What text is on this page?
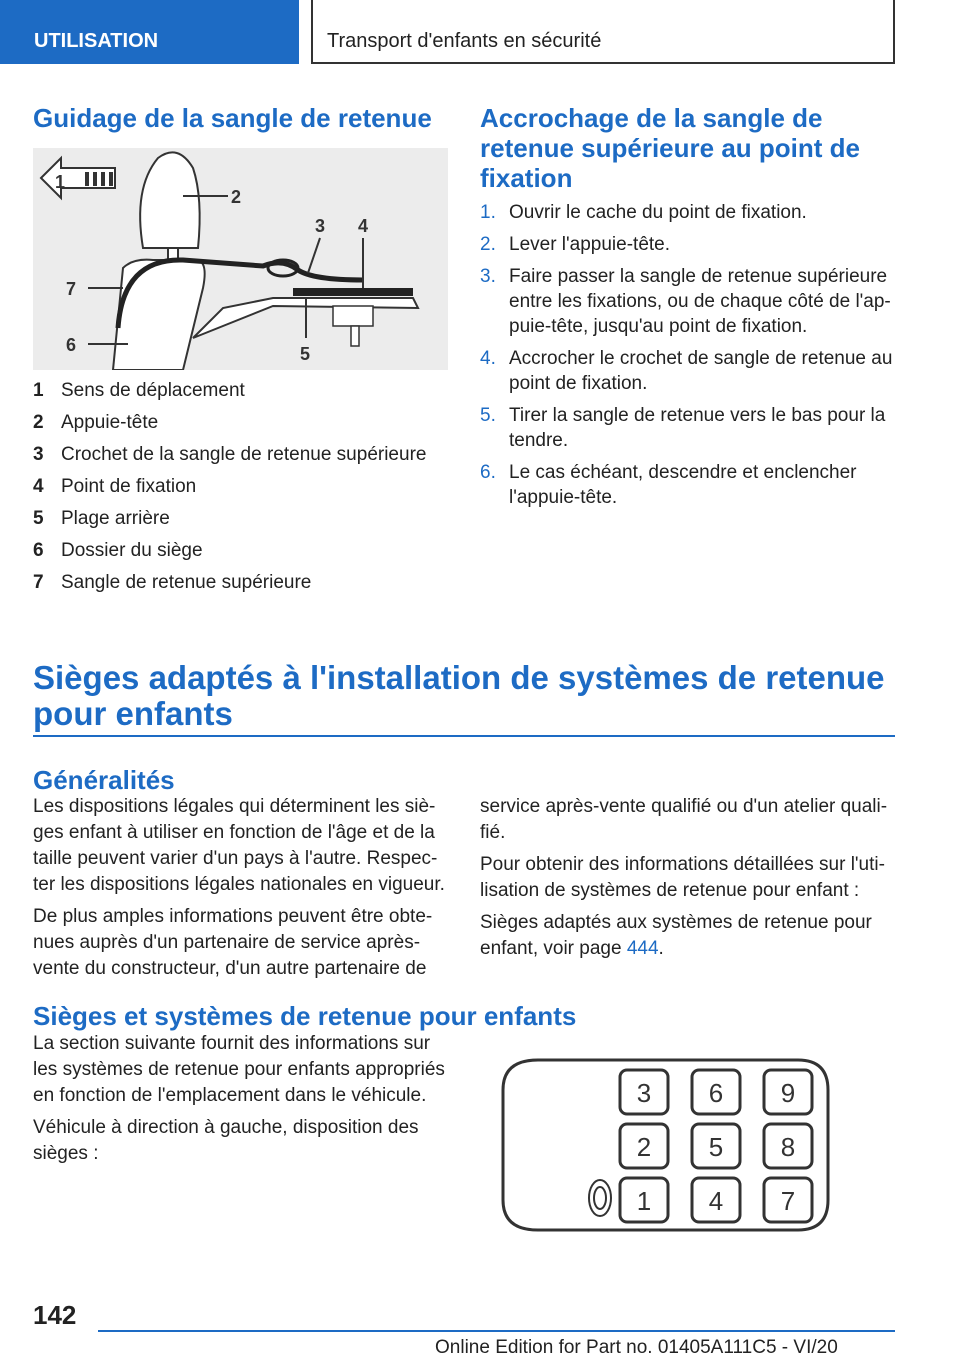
UTILISATION	Transport d'enfants en sécurité
Guidage de la sangle de retenue
1
2
3 4
5
6
7
1 Sens de déplacement
2 Appuie-tête
3 Crochet de la sangle de retenue supérieure
4 Point de fixation
5 Plage arrière
6 Dossier du siège
7 Sangle de retenue supérieure
Accrochage de la sangle de
retenue supérieure au point de
fixation
1. Ouvrir le cache du point de fixation.
2. Lever l'appuie-tête.
3. Faire passer la sangle de retenue supérieure entre les fixations, ou de chaque côté de l'ap‐puie-tête, jusqu'au point de fixation.
4. Accrocher le crochet de sangle de retenue au point de fixation.
5. Tirer la sangle de retenue vers le bas pour la tendre.
6. Le cas échéant, descendre et enclencher l'appuie-tête.
Sièges adaptés à l'installation de systèmes de retenue
pour enfants
Généralités

Les dispositions légales qui déterminent les siè‐ges enfant à utiliser en fonction de l'âge et de la taille peuvent varier d'un pays à l'autre. Respec‐ter les dispositions légales nationales en vigueur.

De plus amples informations peuvent être obte‐nues auprès d'un partenaire de service après-vente du constructeur, d'un autre partenaire de

service après-vente qualifié ou d'un atelier quali‐fié.

Pour obtenir des informations détaillées sur l'uti‐lisation de systèmes de retenue pour enfant :

Sièges adaptés aux systèmes de retenue pour enfant, voir page 444.

Sièges et systèmes de retenue pour enfants

La section suivante fournit des informations sur les systèmes de retenue pour enfants appropriés en fonction de l'emplacement dans le véhicule.

Véhicule à direction à gauche, disposition des sièges :

3 6 9
2 5 8
1 4 7
142
Online Edition for Part no. 01405A111C5 - VI/20
